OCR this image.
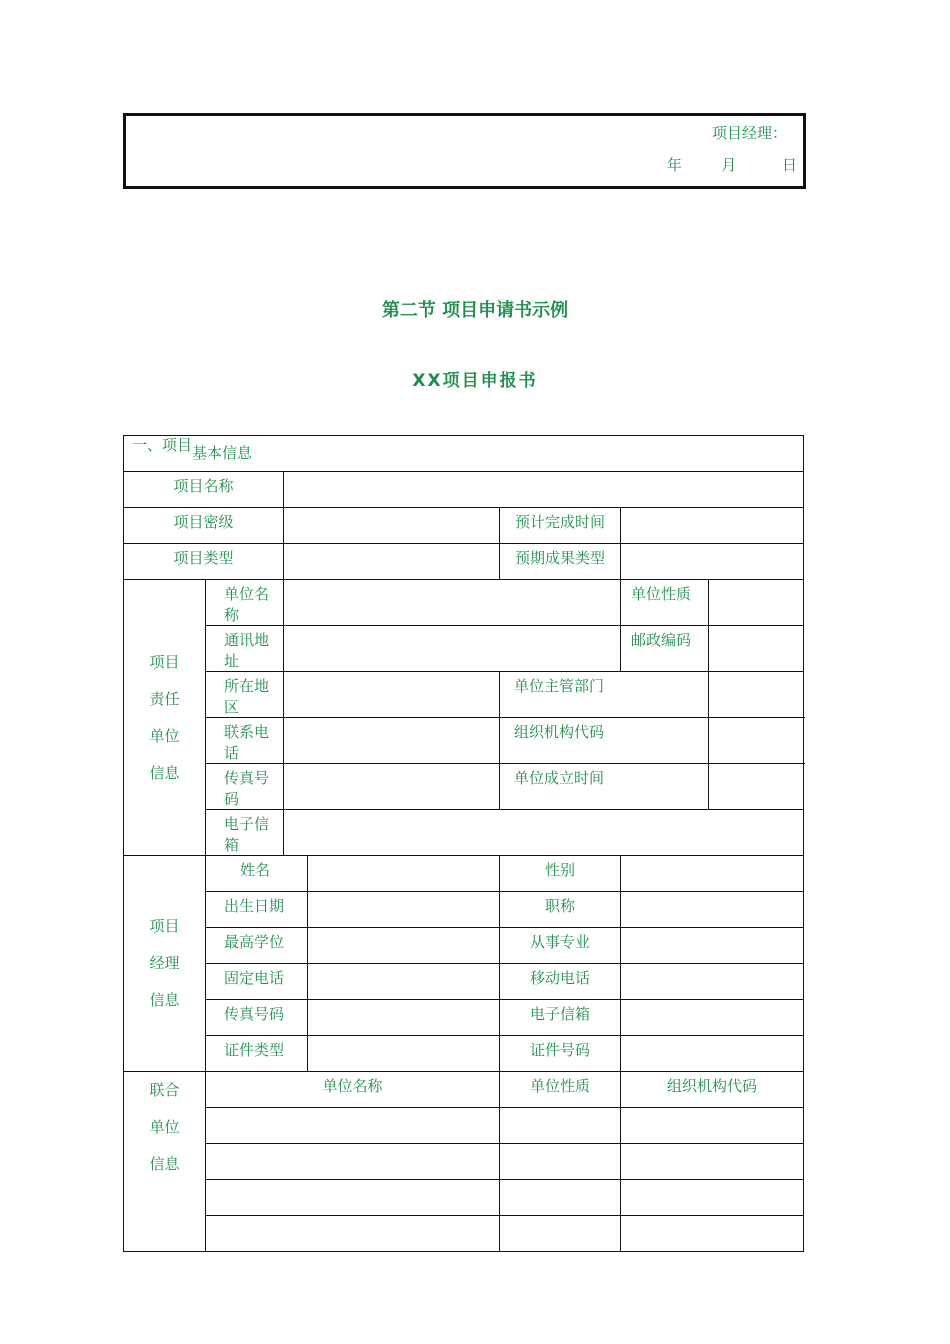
项目经理：
年	月	日
第二节 项目申请书示例
XX项目申报书
一、项目基本信息						

项目名称						

项目密级				预计完成时间		

项目类型				预期成果类型		

项目
责任
单位
信息	单位名称				单位性质	

	通讯地址				邮政编码	

	所在地区			单位主管部门		

	联系电话			组织机构代码		

	传真号码			单位成立时间		

	电子信箱					

项目
经理
信息	姓名			性别		

	出生日期			职称		

	最高学位			从事专业		

	固定电话			移动电话		

	传真号码			电子信箱		

	证件类型			证件号码		

联合
单位
信息	单位名称			单位性质	组织机构代码	
